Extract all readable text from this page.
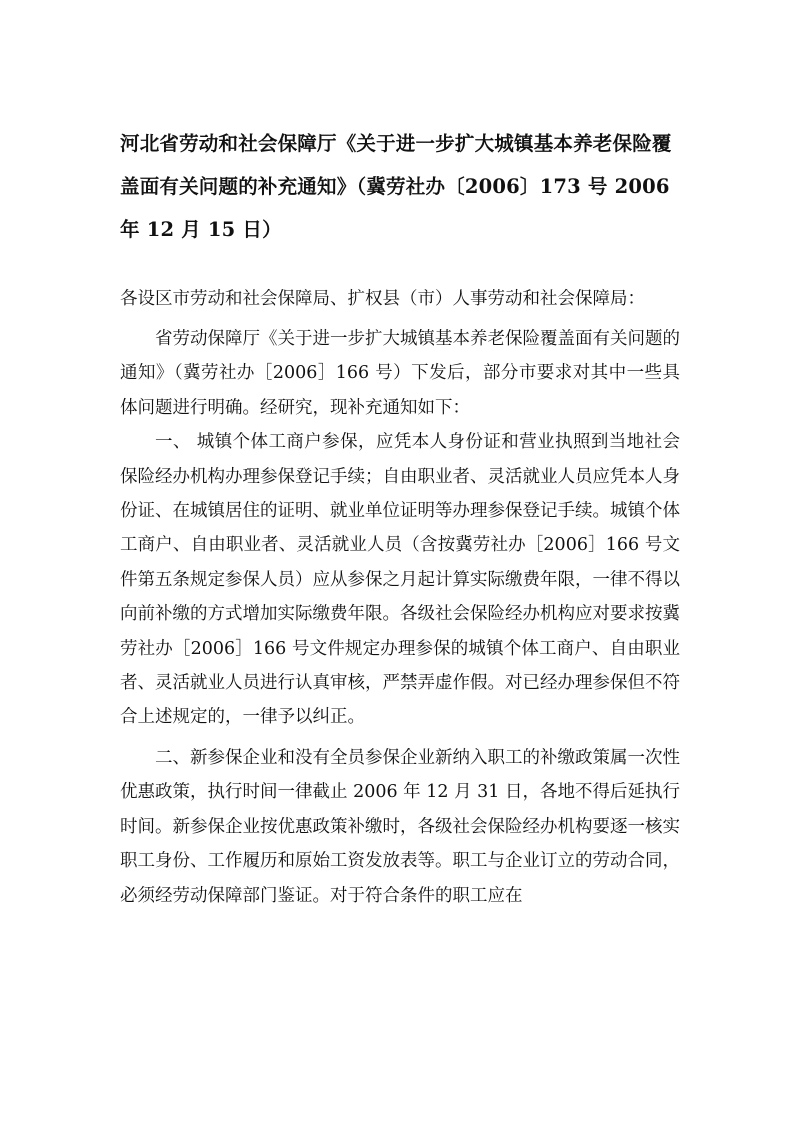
河北省劳动和社会保障厅《关于进一步扩大城镇基本养老保险覆盖面有关问题的补充通知》（冀劳社办〔2006〕173 号 2006 年 12 月 15 日）
各设区市劳动和社会保障局、扩权县（市）人事劳动和社会保障局：

省劳动保障厅《关于进一步扩大城镇基本养老保险覆盖面有关问题的通知》（冀劳社办［2006］166 号）下发后，部分市要求对其中一些具体问题进行明确。经研究，现补充通知如下：

一、 城镇个体工商户参保，应凭本人身份证和营业执照到当地社会保险经办机构办理参保登记手续；自由职业者、灵活就业人员应凭本人身份证、在城镇居住的证明、就业单位证明等办理参保登记手续。城镇个体工商户、自由职业者、灵活就业人员（含按冀劳社办［2006］166 号文件第五条规定参保人员）应从参保之月起计算实际缴费年限，一律不得以向前补缴的方式增加实际缴费年限。各级社会保险经办机构应对要求按冀劳社办［2006］166 号文件规定办理参保的城镇个体工商户、自由职业者、灵活就业人员进行认真审核，严禁弄虚作假。对已经办理参保但不符合上述规定的，一律予以纠正。

二、新参保企业和没有全员参保企业新纳入职工的补缴政策属一次性优惠政策，执行时间一律截止 2006 年 12 月 31 日，各地不得后延执行时间。新参保企业按优惠政策补缴时，各级社会保险经办机构要逐一核实职工身份、工作履历和原始工资发放表等。职工与企业订立的劳动合同，必须经劳动保障部门鉴证。对于符合条件的职工应在
